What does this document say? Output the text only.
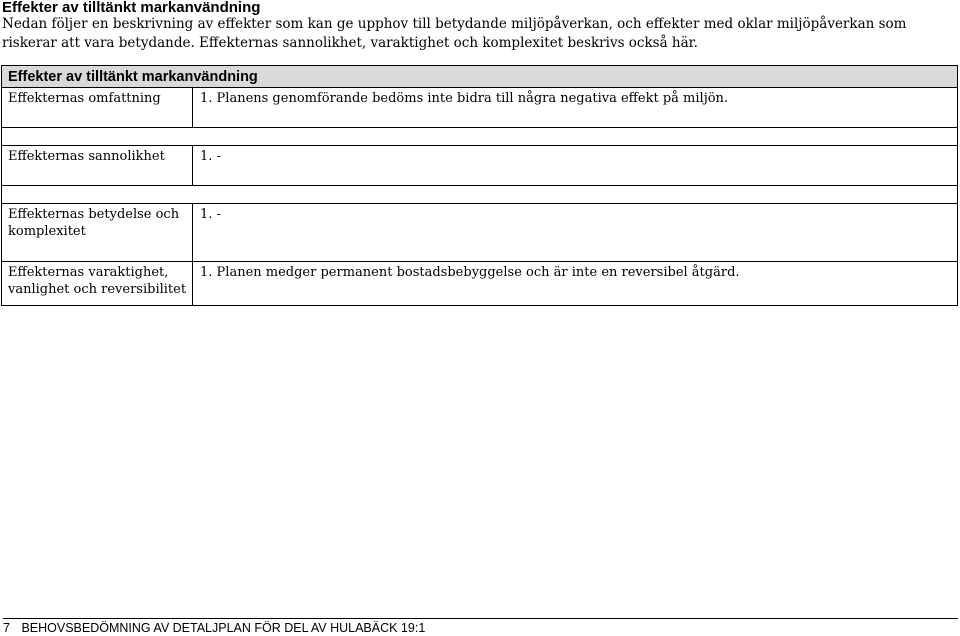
Effekter av tilltänkt markanvändning
Nedan följer en beskrivning av effekter som kan ge upphov till betydande miljöpåverkan, och effekter med oklar miljöpåverkan som riskerar att vara betydande. Effekternas sannolikhet, varaktighet och komplexitet beskrivs också här.
Effekter av tilltänkt markanvändning
Effekternas omfattning	1. Planens genomförande bedöms inte bidra till några negativa effekt på miljön.
Effekternas sannolikhet	1. -
Effekternas betydelse och komplexitet
1. -
Effekternas varaktighet, vanlighet och reversibilitet
1. Planen medger permanent bostadsbebyggelse och är inte en reversibel åtgärd.
7 BEHOVSBEDÖMNING AV DETALJPLAN FÖR DEL AV HULABÄCK 19:1
